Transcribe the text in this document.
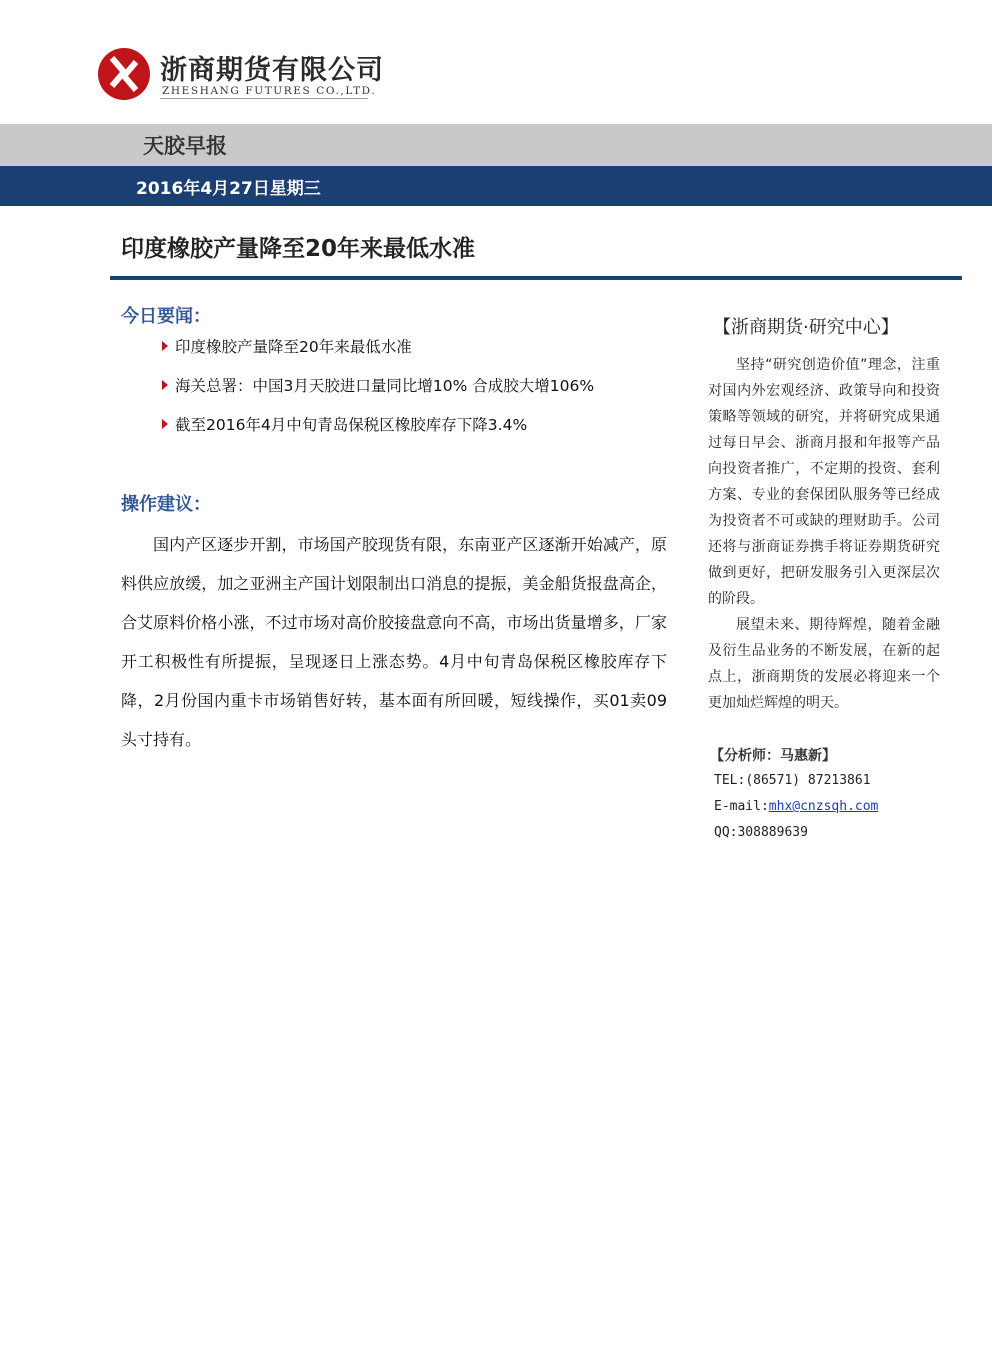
浙商期货有限公司
ZHESHANG FUTURES CO.,LTD.
天胶早报
2016年4月27日星期三
印度橡胶产量降至20年来最低水准
今日要闻：
印度橡胶产量降至20年来最低水准
海关总署：中国3月天胶进口量同比增10% 合成胶大增106%
截至2016年4月中旬青岛保税区橡胶库存下降3.4%
操作建议：
国内产区逐步开割，市场国产胶现货有限，东南亚产区逐渐开始减产，原料供应放缓，加之亚洲主产国计划限制出口消息的提振，美金船货报盘高企，合艾原料价格小涨，不过市场对高价胶接盘意向不高，市场出货量增多，厂家开工积极性有所提振，呈现逐日上涨态势。4月中旬青岛保税区橡胶库存下降，2月份国内重卡市场销售好转，基本面有所回暖，短线操作，买01卖09头寸持有。
【浙商期货·研究中心】
坚持“研究创造价值”理念，注重对国内外宏观经济、政策导向和投资策略等领域的研究，并将研究成果通过每日早会、浙商月报和年报等产品向投资者推广，不定期的投资、套利方案、专业的套保团队服务等已经成为投资者不可或缺的理财助手。公司还将与浙商证券携手将证券期货研究做到更好，把研发服务引入更深层次的阶段。
展望未来、期待辉煌，随着金融及衍生品业务的不断发展，在新的起点上，浙商期货的发展必将迎来一个更加灿烂辉煌的明天。
【分析师：马惠新】
TEL:(86571) 87213861
E-mail:mhx@cnzsqh.com
QQ:308889639
